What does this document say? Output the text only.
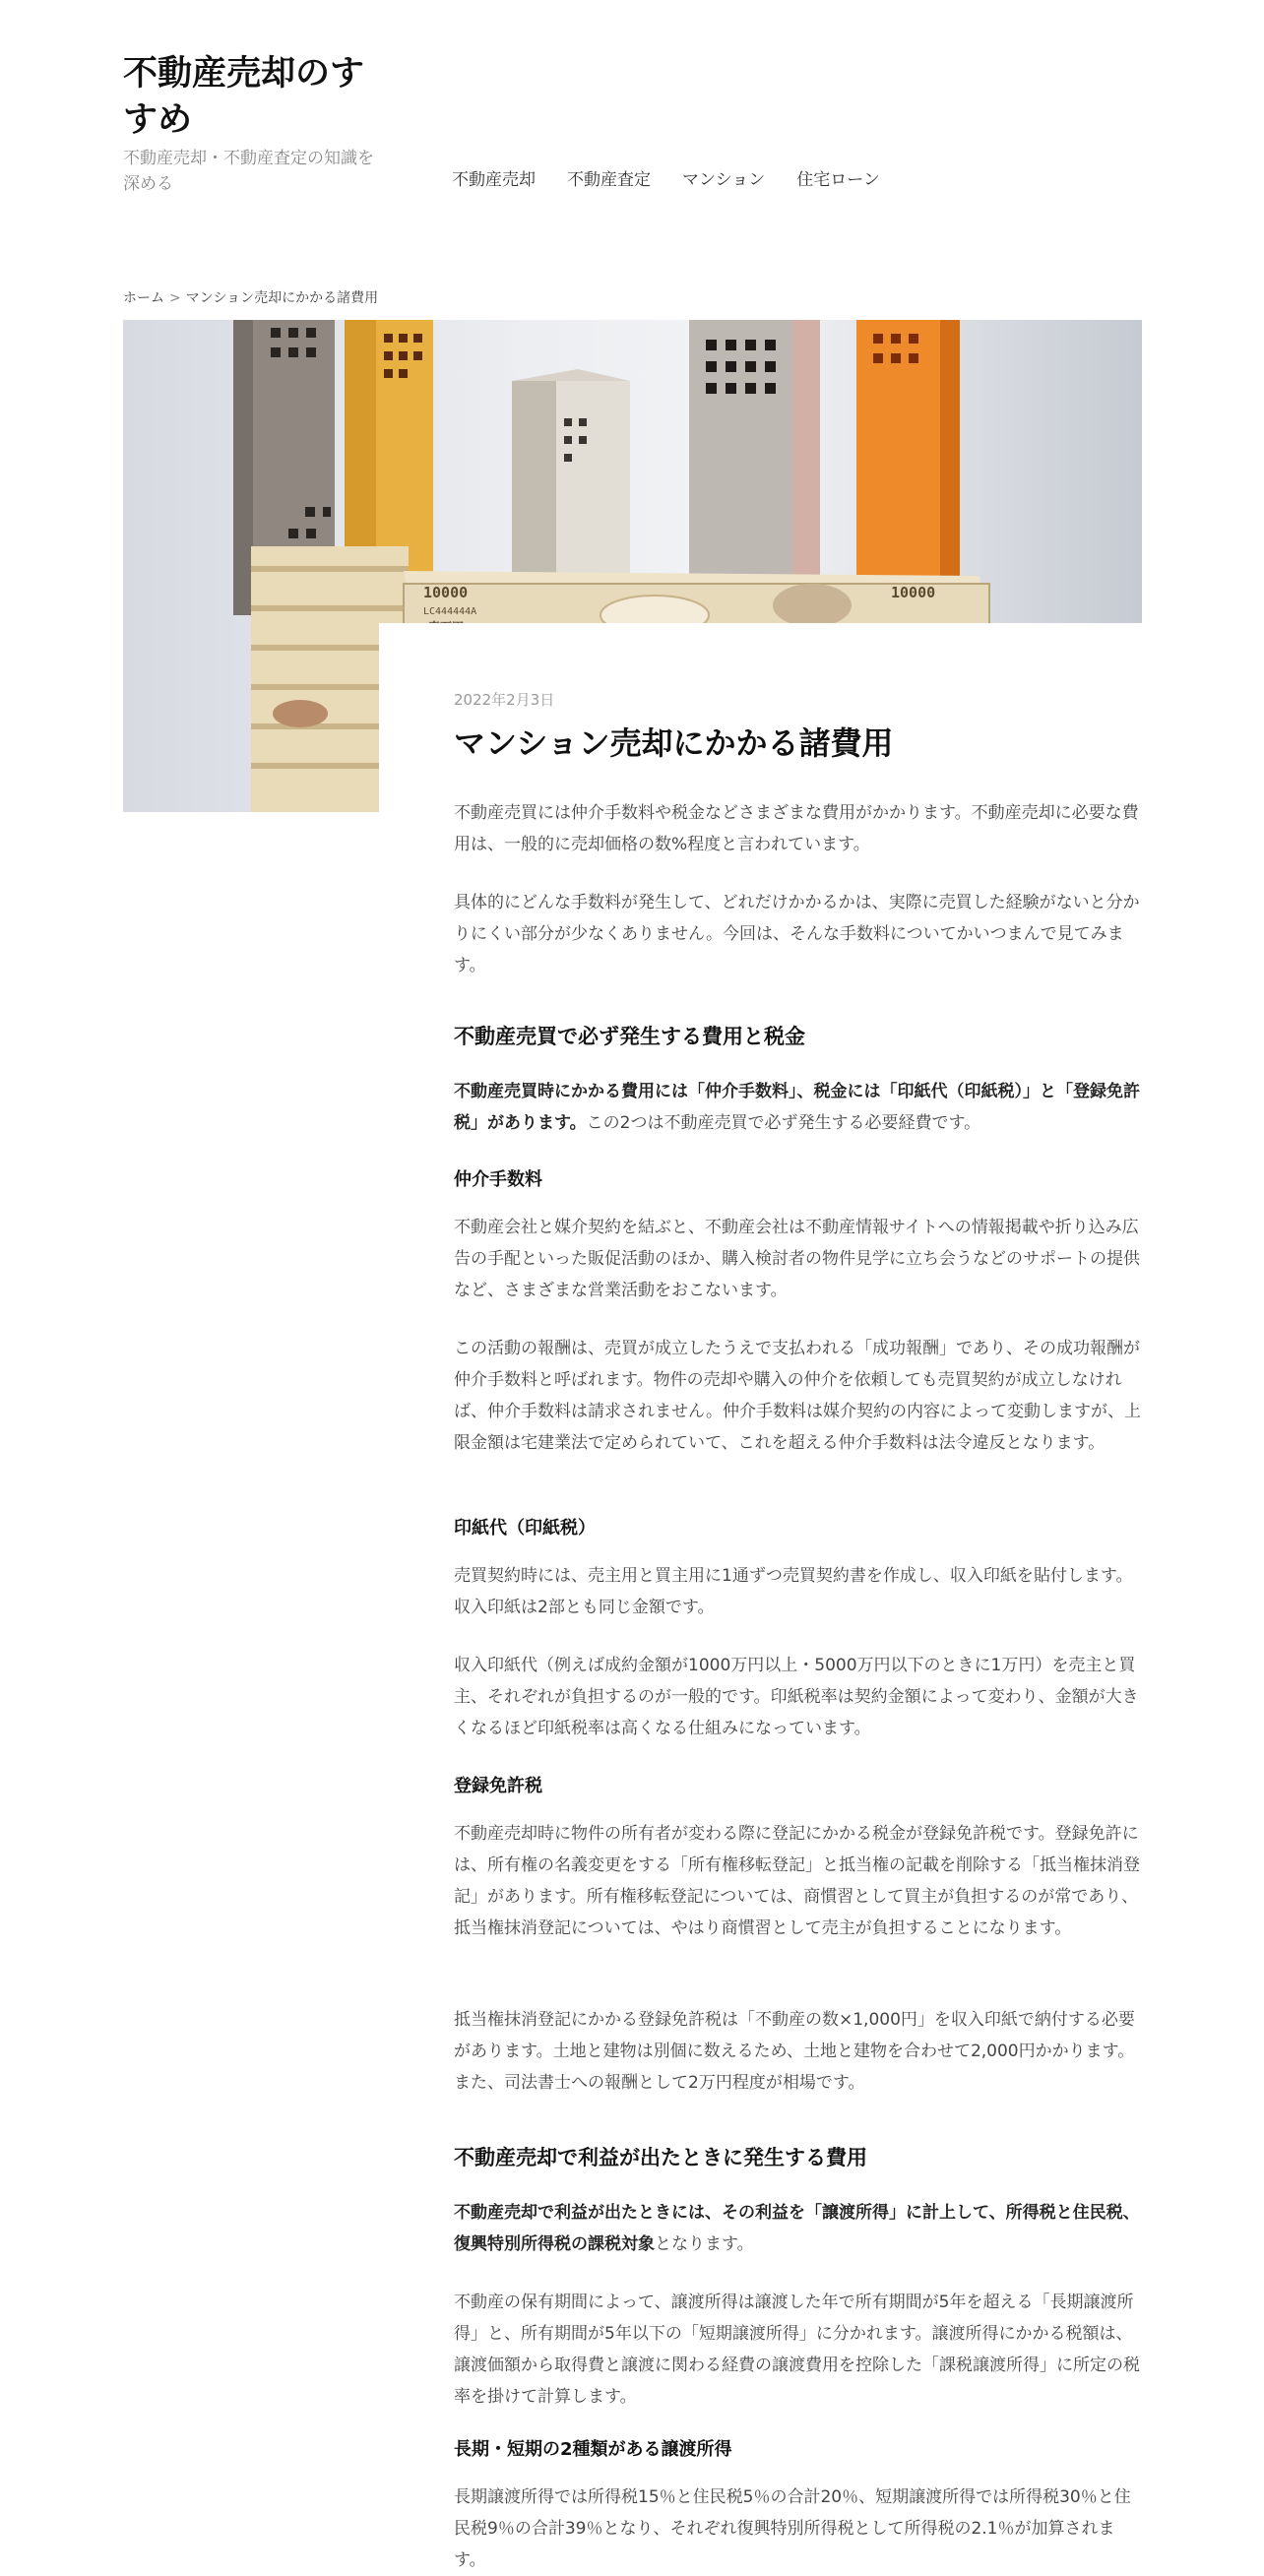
不動産売却のすすめ
不動産売却・不動産査定の知識を深める	不動産売却 不動産査定 マンション 住宅ローン
ホーム > マンション売却にかかる諸費用
10000
LC444444A
10000
2022年2月3日
マンション売却にかかる諸費用

不動産売買には仲介手数料や税金などさまざまな費用がかかります。不動産売却に必要な費用は、一般的に売却価格の数%程度と言われています。

具体的にどんな手数料が発生して、どれだけかかるかは、実際に売買した経験がないと分かりにくい部分が少なくありません。今回は、そんな手数料についてかいつまんで見てみます。

不動産売買で必ず発生する費用と税金

不動産売買時にかかる費用には「仲介手数料」、税金には「印紙代（印紙税）」と「登録免許税」があります。この2つは不動産売買で必ず発生する必要経費です。

仲介手数料

不動産会社と媒介契約を結ぶと、不動産会社は不動産情報サイトへの情報掲載や折り込み広告の手配といった販促活動のほか、購入検討者の物件見学に立ち会うなどのサポートの提供など、さまざまな営業活動をおこないます。

この活動の報酬は、売買が成立したうえで支払われる「成功報酬」であり、その成功報酬が仲介手数料と呼ばれます。物件の売却や購入の仲介を依頼しても売買契約が成立しなければ、仲介手数料は請求されません。仲介手数料は媒介契約の内容によって変動しますが、上限金額は宅建業法で定められていて、これを超える仲介手数料は法令違反となります。

印紙代（印紙税）

売買契約時には、売主用と買主用に1通ずつ売買契約書を作成し、収入印紙を貼付します。収入印紙は2部とも同じ金額です。

収入印紙代（例えば成約金額が1000万円以上・5000万円以下のときに1万円）を売主と買主、それぞれが負担するのが一般的です。印紙税率は契約金額によって変わり、金額が大きくなるほど印紙税率は高くなる仕組みになっています。

登録免許税

不動産売却時に物件の所有者が変わる際に登記にかかる税金が登録免許税です。登録免許には、所有権の名義変更をする「所有権移転登記」と抵当権の記載を削除する「抵当権抹消登記」があります。所有権移転登記については、商慣習として買主が負担するのが常であり、抵当権抹消登記については、やはり商慣習として売主が負担することになります。

抵当権抹消登記にかかる登録免許税は「不動産の数×1,000円」を収入印紙で納付する必要があります。土地と建物は別個に数えるため、土地と建物を合わせて2,000円かかります。また、司法書士への報酬として2万円程度が相場です。

不動産売却で利益が出たときに発生する費用

不動産売却で利益が出たときには、その利益を「譲渡所得」に計上して、所得税と住民税、復興特別所得税の課税対象となります。

不動産の保有期間によって、譲渡所得は譲渡した年で所有期間が5年を超える「長期譲渡所得」と、所有期間が5年以下の「短期譲渡所得」に分かれます。譲渡所得にかかる税額は、譲渡価額から取得費と譲渡に関わる経費の譲渡費用を控除した「課税譲渡所得」に所定の税率を掛けて計算します。

長期・短期の2種類がある譲渡所得

長期譲渡所得では所得税15％と住民税5％の合計20％、短期譲渡所得では所得税30％と住民税9％の合計39％となり、それぞれ復興特別所得税として所得税の2.1％が加算されます。
